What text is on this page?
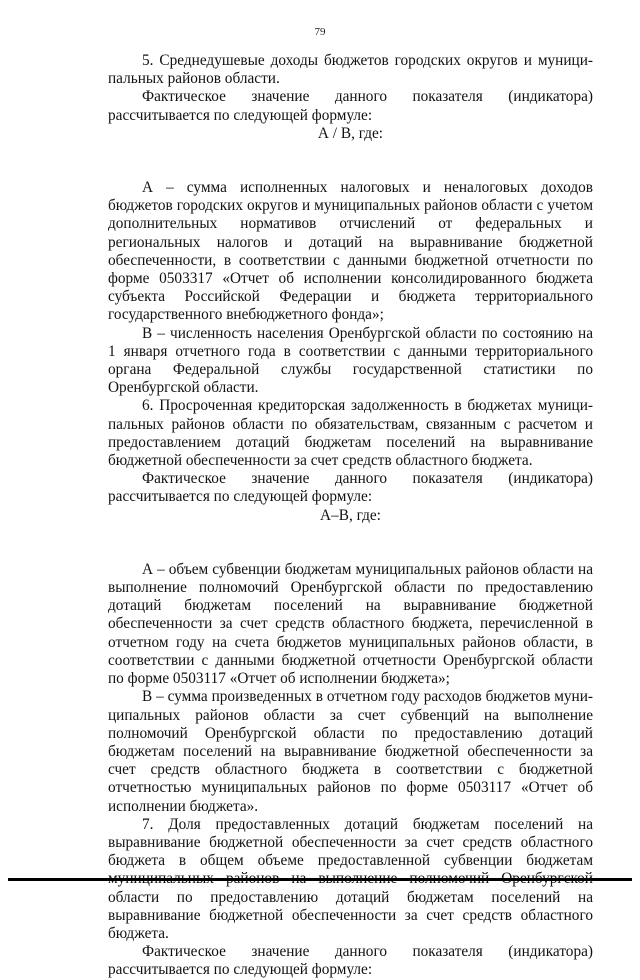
79

5. Среднедушевые доходы бюджетов городских округов и муниципальных районов области.

Фактическое значение данного показателя (индикатора) рассчитывается по следующей формуле:

А / В, где:

А – сумма исполненных налоговых и неналоговых доходов бюджетов городских округов и муниципальных районов области с учетом дополнительных нормативов отчислений от федеральных и региональных налогов и дотаций на выравнивание бюджетной обеспеченности, в соответствии с данными бюджетной отчетности по форме 0503317 «Отчет об исполнении консолидированного бюджета субъекта Российской Федерации и бюджета территориального государственного внебюджетного фонда»;

В – численность населения Оренбургской области по состоянию на 1 января отчетного года в соответствии с данными территориального органа Федеральной службы государственной статистики по Оренбургской области.

6. Просроченная кредиторская задолженность в бюджетах муниципальных районов области по обязательствам, связанным с расчетом и предоставлением дотаций бюджетам поселений на выравнивание бюджетной обеспеченности за счет средств областного бюджета.

Фактическое значение данного показателя (индикатора) рассчитывается по следующей формуле:

А–В, где:

А – объем субвенции бюджетам муниципальных районов области на выполнение полномочий Оренбургской области по предоставлению дотаций бюджетам поселений на выравнивание бюджетной обеспеченности за счет средств областного бюджета, перечисленной в отчетном году на счета бюджетов муниципальных районов области, в соответствии с данными бюджетной отчетности Оренбургской области по форме 0503117 «Отчет об исполнении бюджета»;

В – сумма произведенных в отчетном году расходов бюджетов муниципальных районов области за счет субвенций на выполнение полномочий Оренбургской области по предоставлению дотаций бюджетам поселений на выравнивание бюджетной обеспеченности за счет средств областного бюджета в соответствии с бюджетной отчетностью муниципальных районов по форме 0503117 «Отчет об исполнении бюджета».

7. Доля предоставленных дотаций бюджетам поселений на выравнивание бюджетной обеспеченности за счет средств областного бюджета в общем объеме предоставленной субвенции бюджетам области по предоставлению дотаций бюджетам поселений на выравнивание бюджетной обеспеченности за счет средств областного бюджета.

Фактическое значение данного показателя (индикатора) рассчитывается по следующей формуле:
